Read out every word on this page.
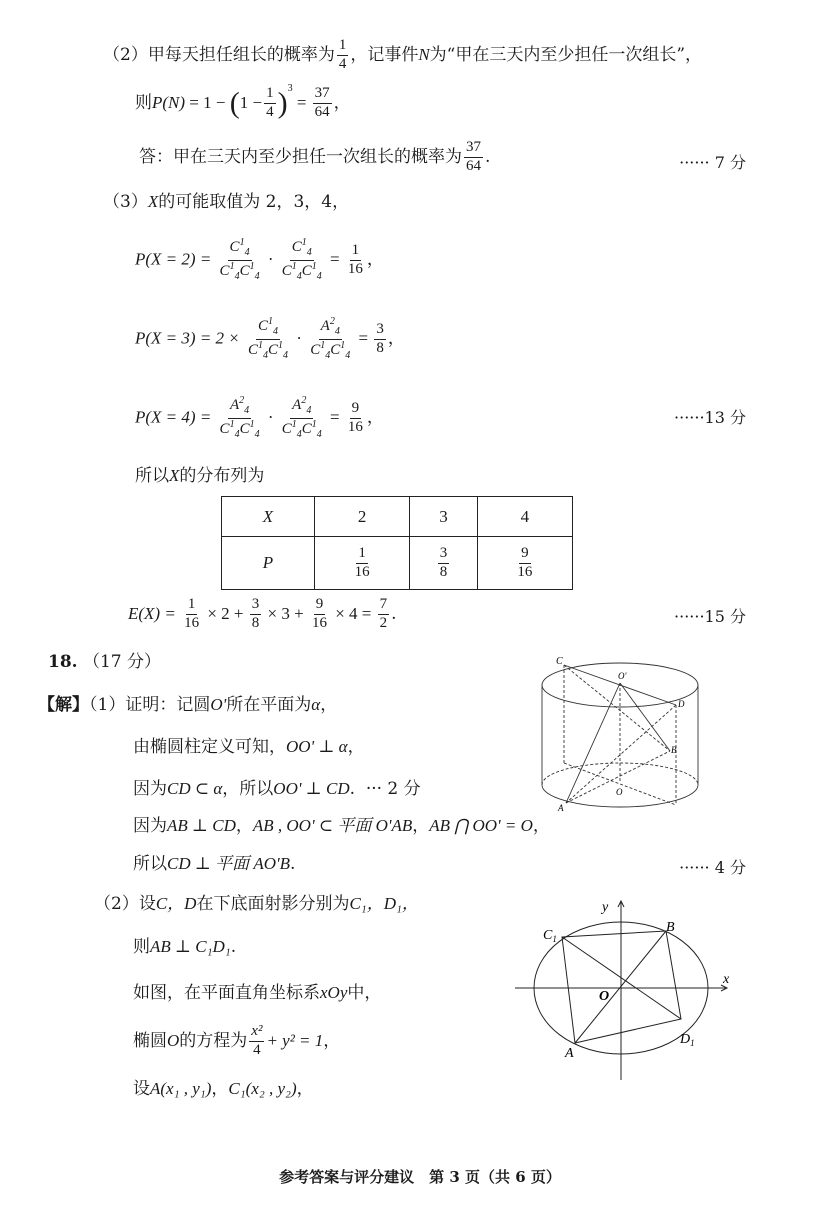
（2）甲每天担任组长的概率为 $\frac{1}{4}$ ，记事件N为“甲在三天内至少担任一次组长”，
则$P(N) = 1 - (1 - \frac{1}{4} )^3 = \frac{37}{64}$ ，
答：甲在三天内至少担任一次组长的概率为 $\frac{37}{64}$ .	······ 7 分
（3）X的可能取值为 2，3，4，
$P(X = 2) = \frac{C^1_4}{C^1_4C^1_4} \cdot \frac{C^1_4}{C^1_4C^1_4} = \frac{1}{16}$ ，
$P(X = 3) = 2 \times \frac{C^1_4}{C^1_4C^1_4} \cdot \frac{A^2_4}{C^1_4C^1_4} = \frac{3}{8}$ ，
$P(X = 4) = \frac{A^2_4}{C^1_4C^1_4} \cdot \frac{A^2_4}{C^1_4C^1_4} = \frac{9}{16}$ ，	······13 分
所以X的分布列为
X	2	3	4
P	$\frac{1}{16}$	$\frac{3}{8}$	$\frac{9}{16}$
$E(X) = \frac{1}{16} \times 2 + \frac{3}{8} \times 3 + \frac{9}{16} \times 4 = \frac{7}{2}$ .	······15 分
18. （17 分）
【解】（1）证明：记圆O'所在平面为α，
由椭圆柱定义可知，OO' ⊥ α，
因为CD ⊂ α，所以OO' ⊥ CD. ··· 2 分
因为AB ⊥ CD，AB , OO' ⊂ 平面 O'AB，AB ⋂ OO' = O，
所以CD ⊥ 平面 AO'B.	······ 4 分
（2）设C，D在下底面射影分别为C₁，D₁，
则AB ⊥ C₁D₁.
如图，在平面直角坐标系xOy中，
椭圆O的方程为 $\frac{\text{x²}}{4} + y^2 = 1$，
设A(x₁ , y₁)，C₁(x₂ , y₂)，
C
O'
D
B
O
A
y
x
$C_1$
B
O
A
$D_1$
参考答案与评分建议　第 3 页（共 6 页）
